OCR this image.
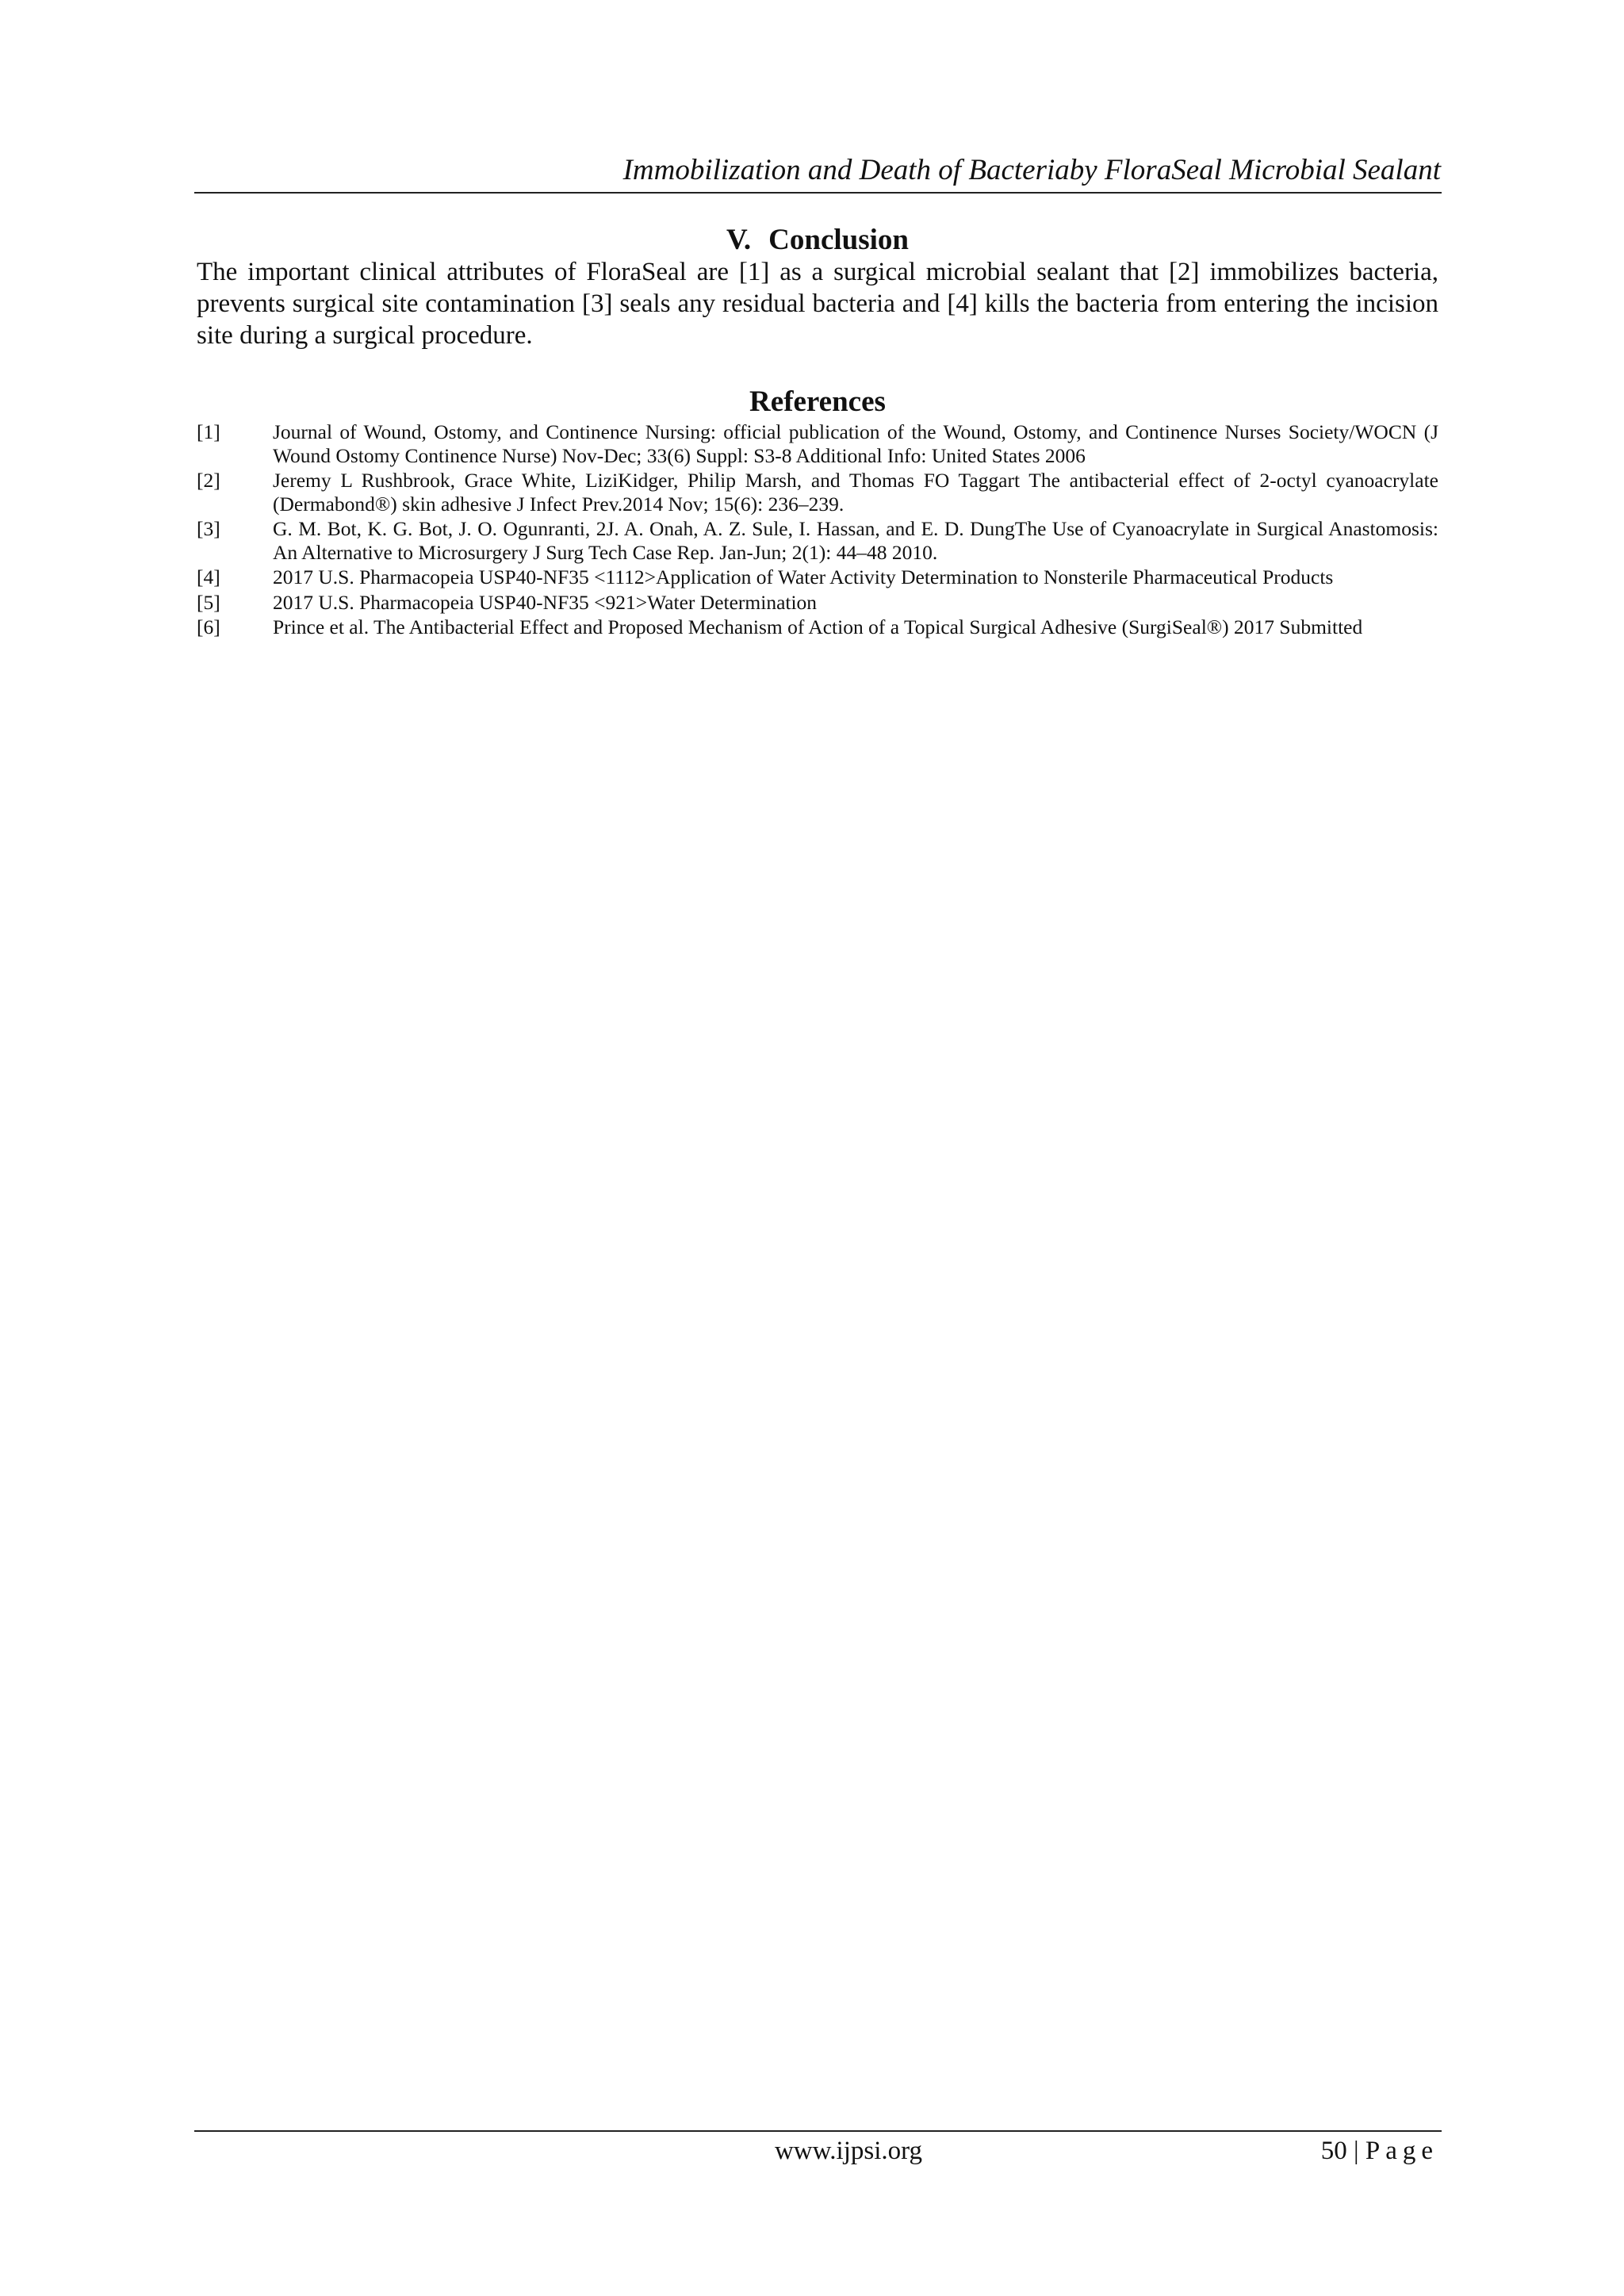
Immobilization and Death of Bacteriaby FloraSeal Microbial Sealant
V. Conclusion

The important clinical attributes of FloraSeal are [1] as a surgical microbial sealant that [2] immobilizes bacteria, prevents surgical site contamination [3] seals any residual bacteria and [4] kills the bacteria from entering the incision site during a surgical procedure.

References
[1]	Journal of Wound, Ostomy, and Continence Nursing: official publication of the Wound, Ostomy, and Continence Nurses Society/WOCN (J Wound Ostomy Continence Nurse) Nov-Dec; 33(6) Suppl: S3-8 Additional Info: United States 2006
[2]	Jeremy L Rushbrook, Grace White, LiziKidger, Philip Marsh, and Thomas FO Taggart The antibacterial effect of 2-octyl cyanoacrylate (Dermabond®) skin adhesive J Infect Prev.2014 Nov; 15(6): 236–239.
[3]	G. M. Bot, K. G. Bot, J. O. Ogunranti, 2J. A. Onah, A. Z. Sule, I. Hassan, and E. D. DungThe Use of Cyanoacrylate in Surgical Anastomosis: An Alternative to Microsurgery J Surg Tech Case Rep. Jan-Jun; 2(1): 44–48 2010.
[4]	2017 U.S. Pharmacopeia USP40-NF35 <1112>Application of Water Activity Determination to Nonsterile Pharmaceutical Products
[5]	2017 U.S. Pharmacopeia USP40-NF35 <921>Water Determination
[6]	Prince et al. The Antibacterial Effect and Proposed Mechanism of Action of a Topical Surgical Adhesive (SurgiSeal®) 2017 Submitted
www.ijpsi.org	50 | Page
